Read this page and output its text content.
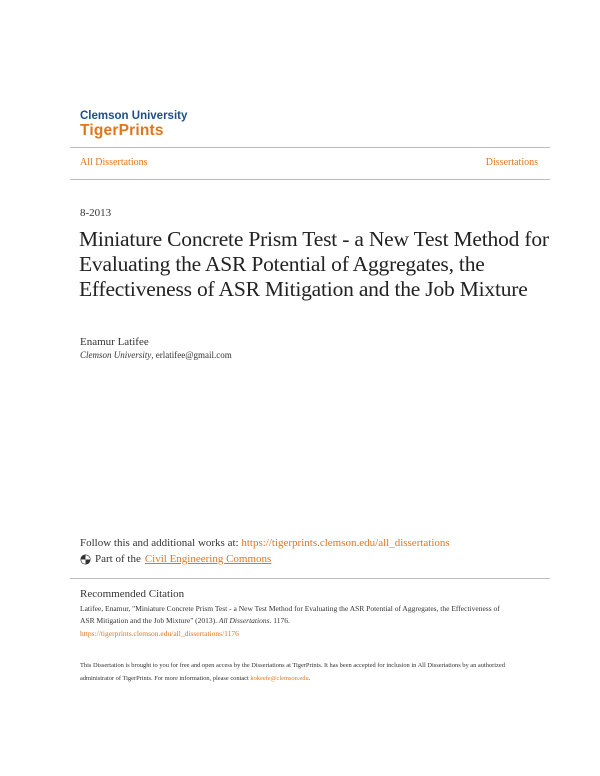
Clemson University
TigerPrints
All Dissertations	Dissertations
8-2013
Miniature Concrete Prism Test - a New Test Method for Evaluating the ASR Potential of Aggregates, the Effectiveness of ASR Mitigation and the Job Mixture
Enamur Latifee
Clemson University, erlatifee@gmail.com
Follow this and additional works at: https://tigerprints.clemson.edu/all_dissertations
Part of the Civil Engineering Commons
Recommended Citation
Latifee, Enamur, "Miniature Concrete Prism Test - a New Test Method for Evaluating the ASR Potential of Aggregates, the Effectiveness of ASR Mitigation and the Job Mixture" (2013). All Dissertations. 1176.
https://tigerprints.clemson.edu/all_dissertations/1176
This Dissertation is brought to you for free and open access by the Dissertations at TigerPrints. It has been accepted for inclusion in All Dissertations by an authorized administrator of TigerPrints. For more information, please contact kokeefe@clemson.edu.
